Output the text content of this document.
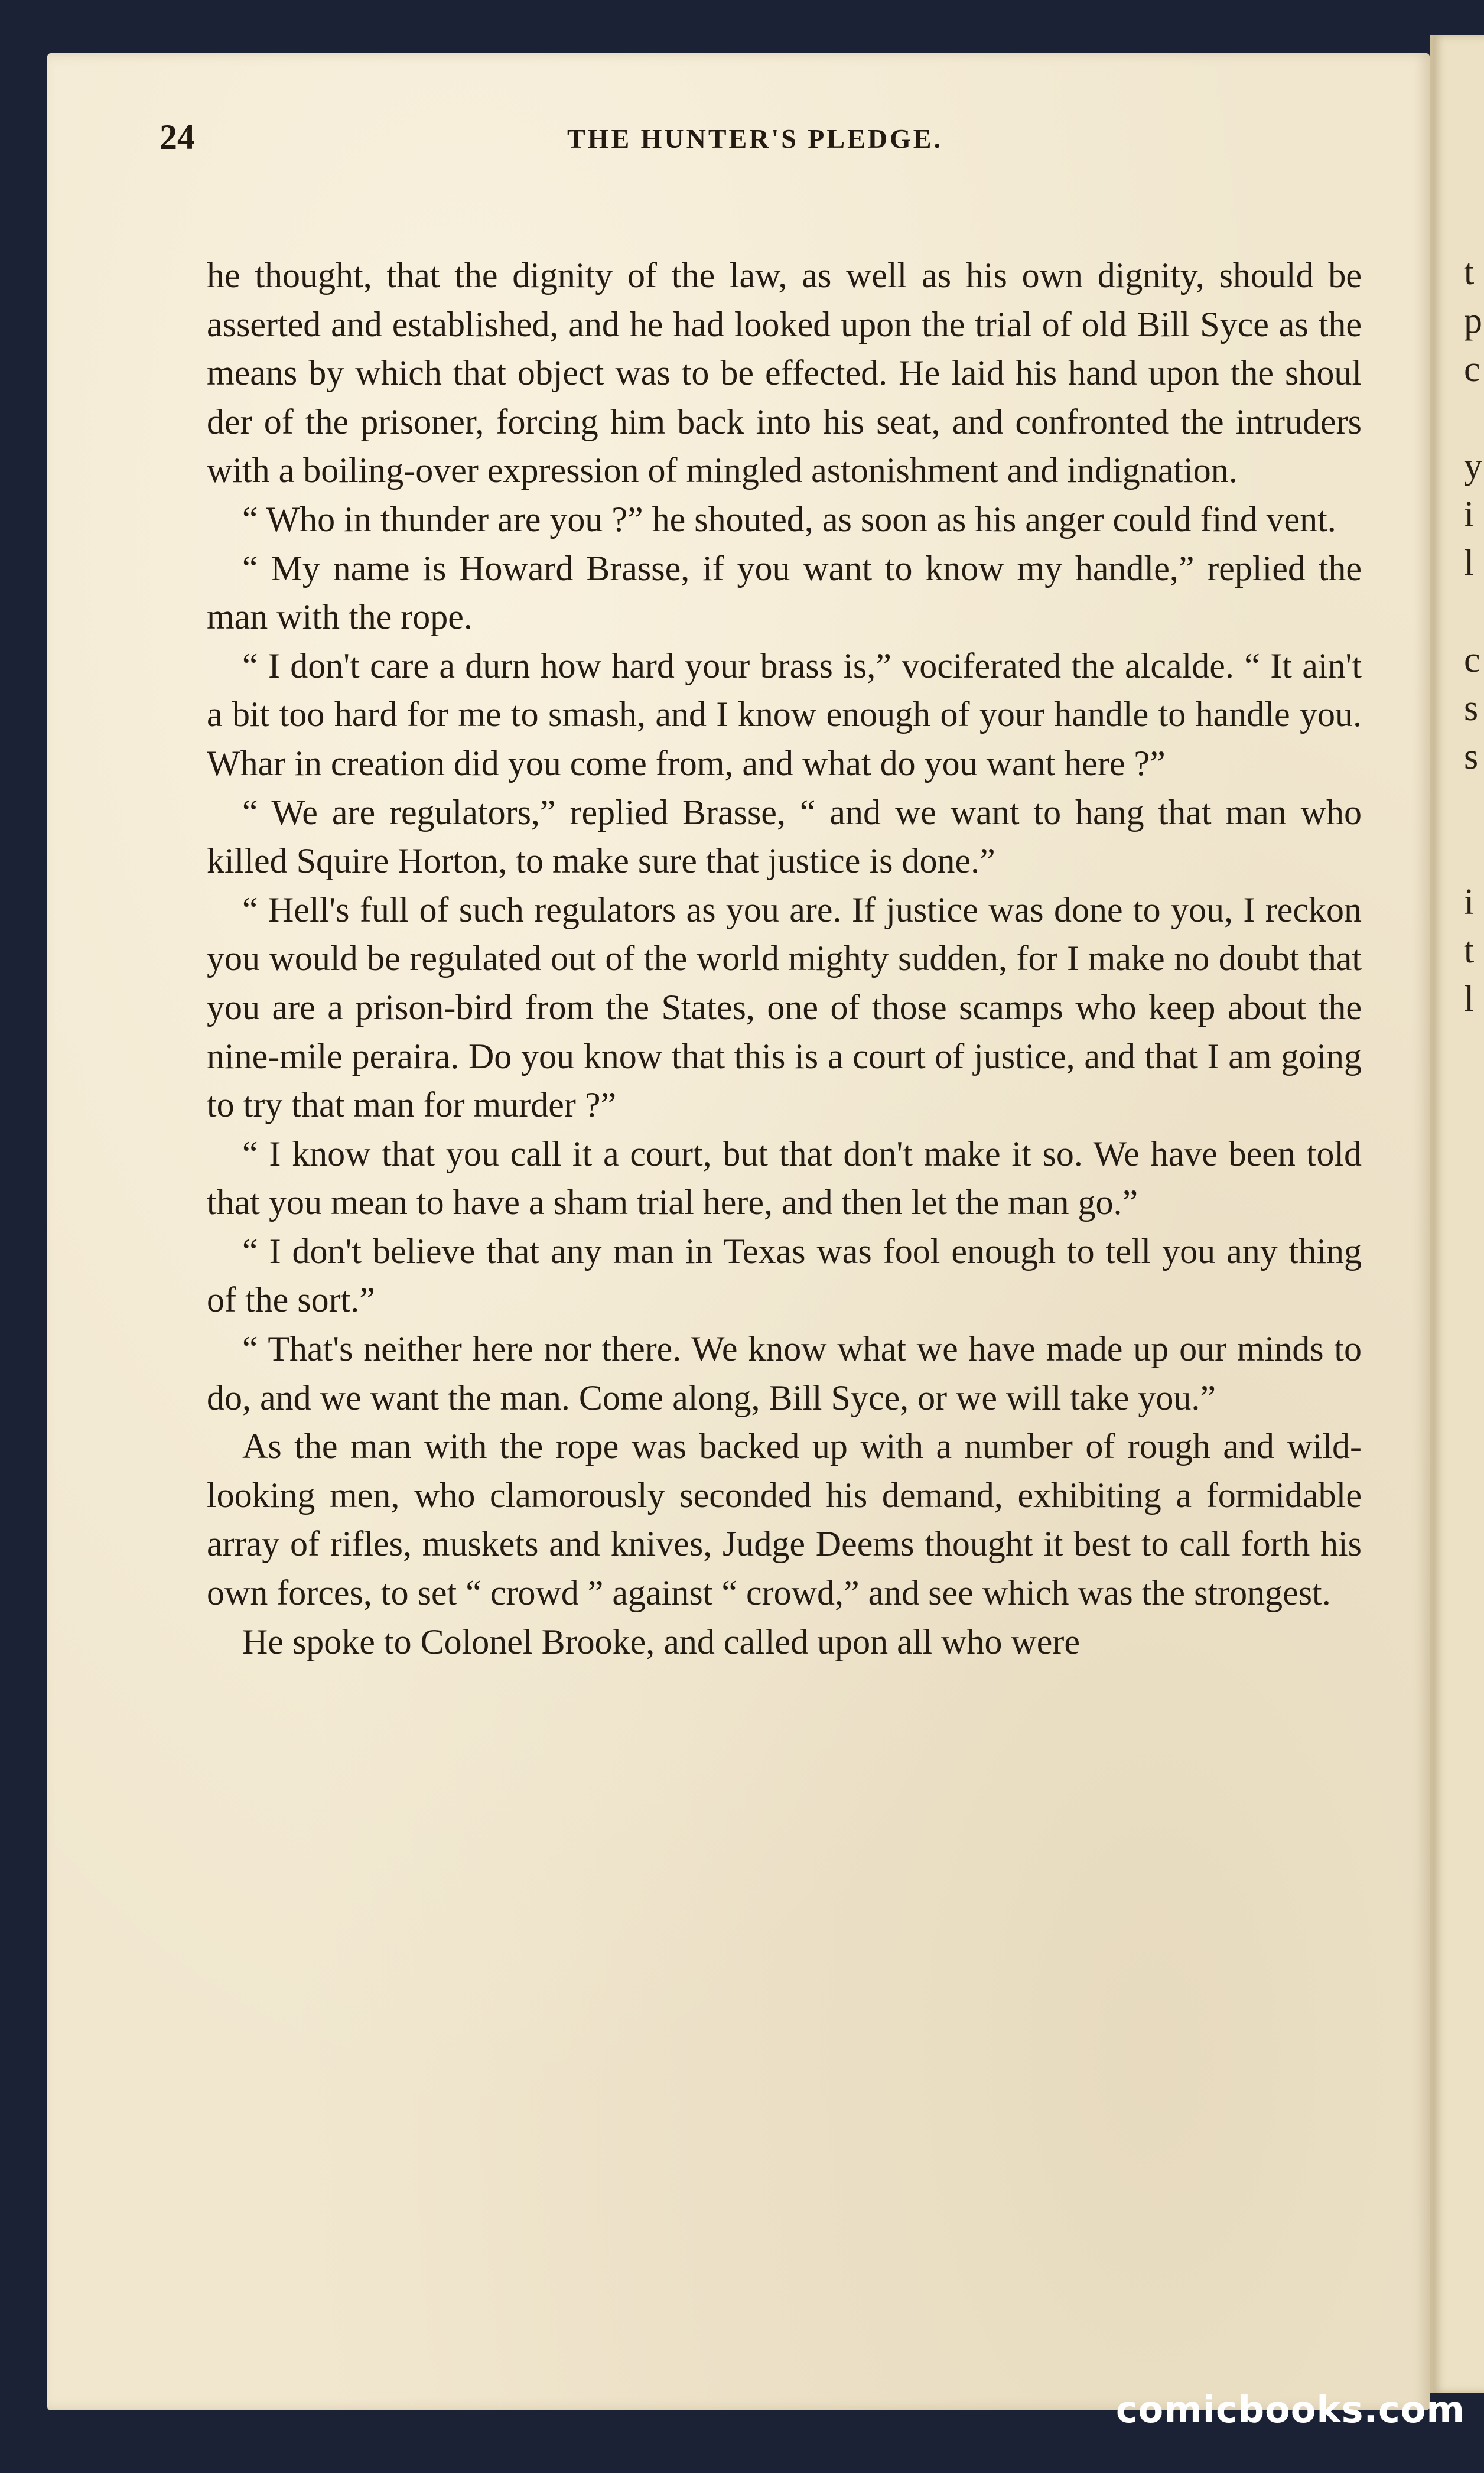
t
p
c

y
i
l

c
s
s

i
t
l
24	THE HUNTER'S PLEDGE.

he thought, that the dignity of the law, as well as his own dignity, should be asserted and established, and he had looked upon the trial of old Bill Syce as the means by which that object was to be effected. He laid his hand upon the shoul der of the prisoner, forcing him back into his seat, and confronted the intruders with a boiling-over expression of mingled astonishment and indignation.

“ Who in thunder are you ?” he shouted, as soon as his anger could find vent.

“ My name is Howard Brasse, if you want to know my handle,” replied the man with the rope.

“ I don't care a durn how hard your brass is,” vociferated the alcalde. “ It ain't a bit too hard for me to smash, and I know enough of your handle to handle you. Whar in creation did you come from, and what do you want here ?”

“ We are regulators,” replied Brasse, “ and we want to hang that man who killed Squire Horton, to make sure that justice is done.”

“ Hell's full of such regulators as you are. If justice was done to you, I reckon you would be regulated out of the world mighty sudden, for I make no doubt that you are a prison-bird from the States, one of those scamps who keep about the nine-mile peraira. Do you know that this is a court of justice, and that I am going to try that man for murder ?”

“ I know that you call it a court, but that don't make it so. We have been told that you mean to have a sham trial here, and then let the man go.”

“ I don't believe that any man in Texas was fool enough to tell you any thing of the sort.”

“ That's neither here nor there. We know what we have made up our minds to do, and we want the man. Come along, Bill Syce, or we will take you.”

As the man with the rope was backed up with a number of rough and wild-looking men, who clamorously seconded his demand, exhibiting a formidable array of rifles, muskets and knives, Judge Deems thought it best to call forth his own forces, to set “ crowd ” against “ crowd,” and see which was the strongest.

He spoke to Colonel Brooke, and called upon all who were

comicbooks.com
